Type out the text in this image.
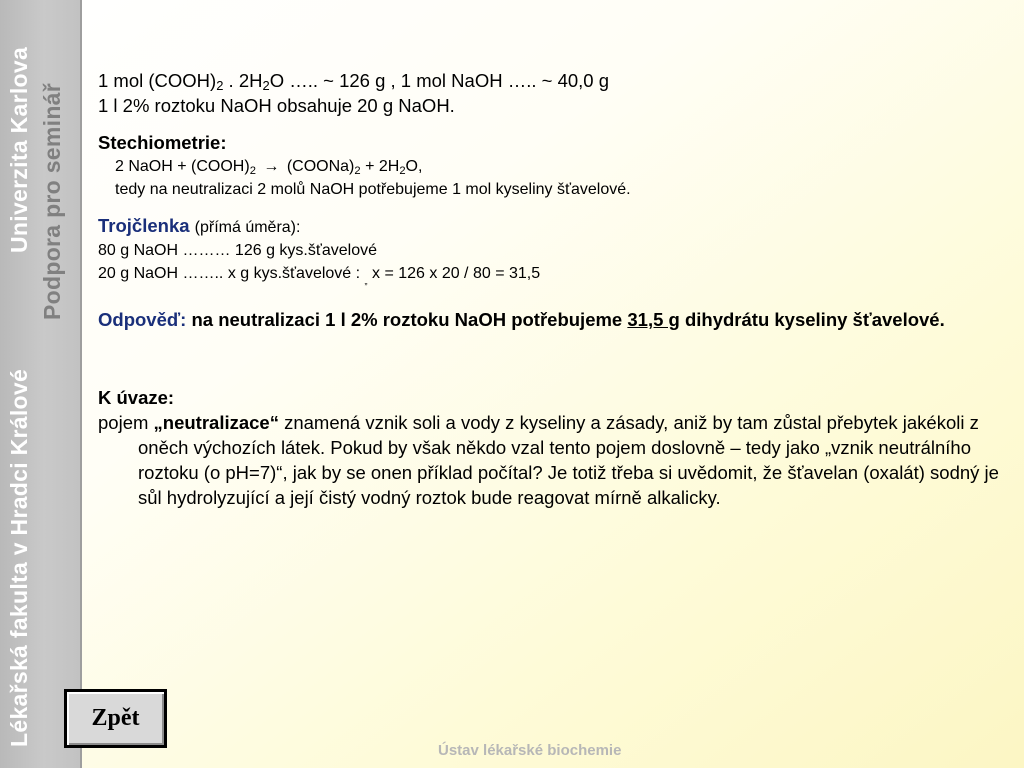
Lékařská fakulta v Hradci Králové
Univerzita Karlova Podpora pro seminář
1 mol $(COOH)_2$ . $2H_2O$ ….. ~ 126 g , 1 mol NaOH ….. ~ 40,0 g
1 l 2% roztoku NaOH obsahuje 20 g NaOH.
Stechiometrie:
2 NaOH + $(COOH)_2$ → $(COONa)_2 + 2H_2O$,
tedy na neutralizaci 2 molů NaOH potřebujeme 1 mol kyseliny šťavelové.
Trojčlenka (přímá úměra):
80 g NaOH ……… 126 g kys.šťavelové
20 g NaOH …….. x g kys.šťavelové : $_„$ x = 126 x 20 / 80 = 31,5
Odpověď: na neutralizaci 1 l 2% roztoku NaOH potřebujeme 31,5 g dihydrátu kyseliny šťavelové.
K úvaze:
pojem „neutralizace“ znamená vznik soli a vody z kyseliny a zásady, aniž by tam zůstal přebytek jakékoli z oněch výchozích látek. Pokud by však někdo vzal tento pojem doslovně – tedy jako „vznik neutrálního roztoku (o pH=7)“, jak by se onen příklad počítal? Je totiž třeba si uvědomit, že šťavelan (oxalát) sodný je sůl hydrolyzující a její čistý vodný roztok bude reagovat mírně alkalicky.
Zpět
Ústav lékařské biochemie
